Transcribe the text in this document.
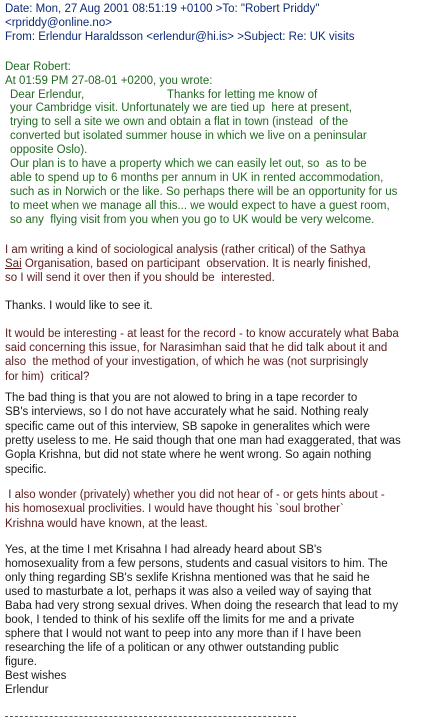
Date: Mon, 27 Aug 2001 08:51:19 +0100 >To: "Robert Priddy"
<rpriddy@online.no>
From: Erlendur Haraldsson <erlendur@hi.is> >Subject: Re: UK visits
Dear Robert:
At 01:59 PM 27-08-01 +0200, you wrote:
Dear Erlendur,                          Thanks for letting me know of
your Cambridge visit. Unfortunately we are tied up  here at present,
trying to sell a site we own and obtain a flat in town (instead  of the
converted but isolated summer house in which we live on a peninsular
opposite Oslo).
Our plan is to have a property which we can easily let out, so  as to be
able to spend up to 6 months per annum in UK in rented accommodation,
such as in Norwich or the like. So perhaps there will be an opportunity for us
to meet when we manage all this... we would expect to have a guest room,
so any  flying visit from you when you go to UK would be very welcome.
I am writing a kind of sociological analysis (rather critical) of the Sathya
Sai Organisation, based on participant  observation. It is nearly finished,
so I will send it over then if you should be  interested.
Thanks. I would like to see it.
It would be interesting - at least for the record - to know accurately what Baba
said concerning this issue, for Narasimhan said that he did talk about it and
also  the method of your investigation, of which he was (not surprisingly
for him)  critical?
The bad thing is that you are not alowed to bring in a tape recorder to
SB's interviews, so I do not have accurately what he said. Nothing realy
specific came out of this interview, SB sapoke in generalites which were
pretty useless to me. He said though that one man had exaggerated, that was
Gopla Krishna, but did not state where he went wrong. So again nothing
specific.
I also wonder (privately) whether you did not hear of - or gets hints about -
his homosexual proclivities. I would have thought his `soul brother`
Krishna would have known, at the least.
Yes, at the time I met Krisahna I had already heard about SB's
homosexuality from a few persons, students and casual visitors to him. The
only thing regarding SB's sexlife Krishna mentioned was that he said he
used to masturbate a lot, perhaps it was also a veiled way of saying that
Baba had very strong sexual drives. When doing the research that lead to my
book, I tended to think of his sexlife off the limits for me and a private
sphere that I would not want to peep into any more than if I have been
researching the life of a politican or any othwer outstanding public
figure.
Best wishes
Erlendur
